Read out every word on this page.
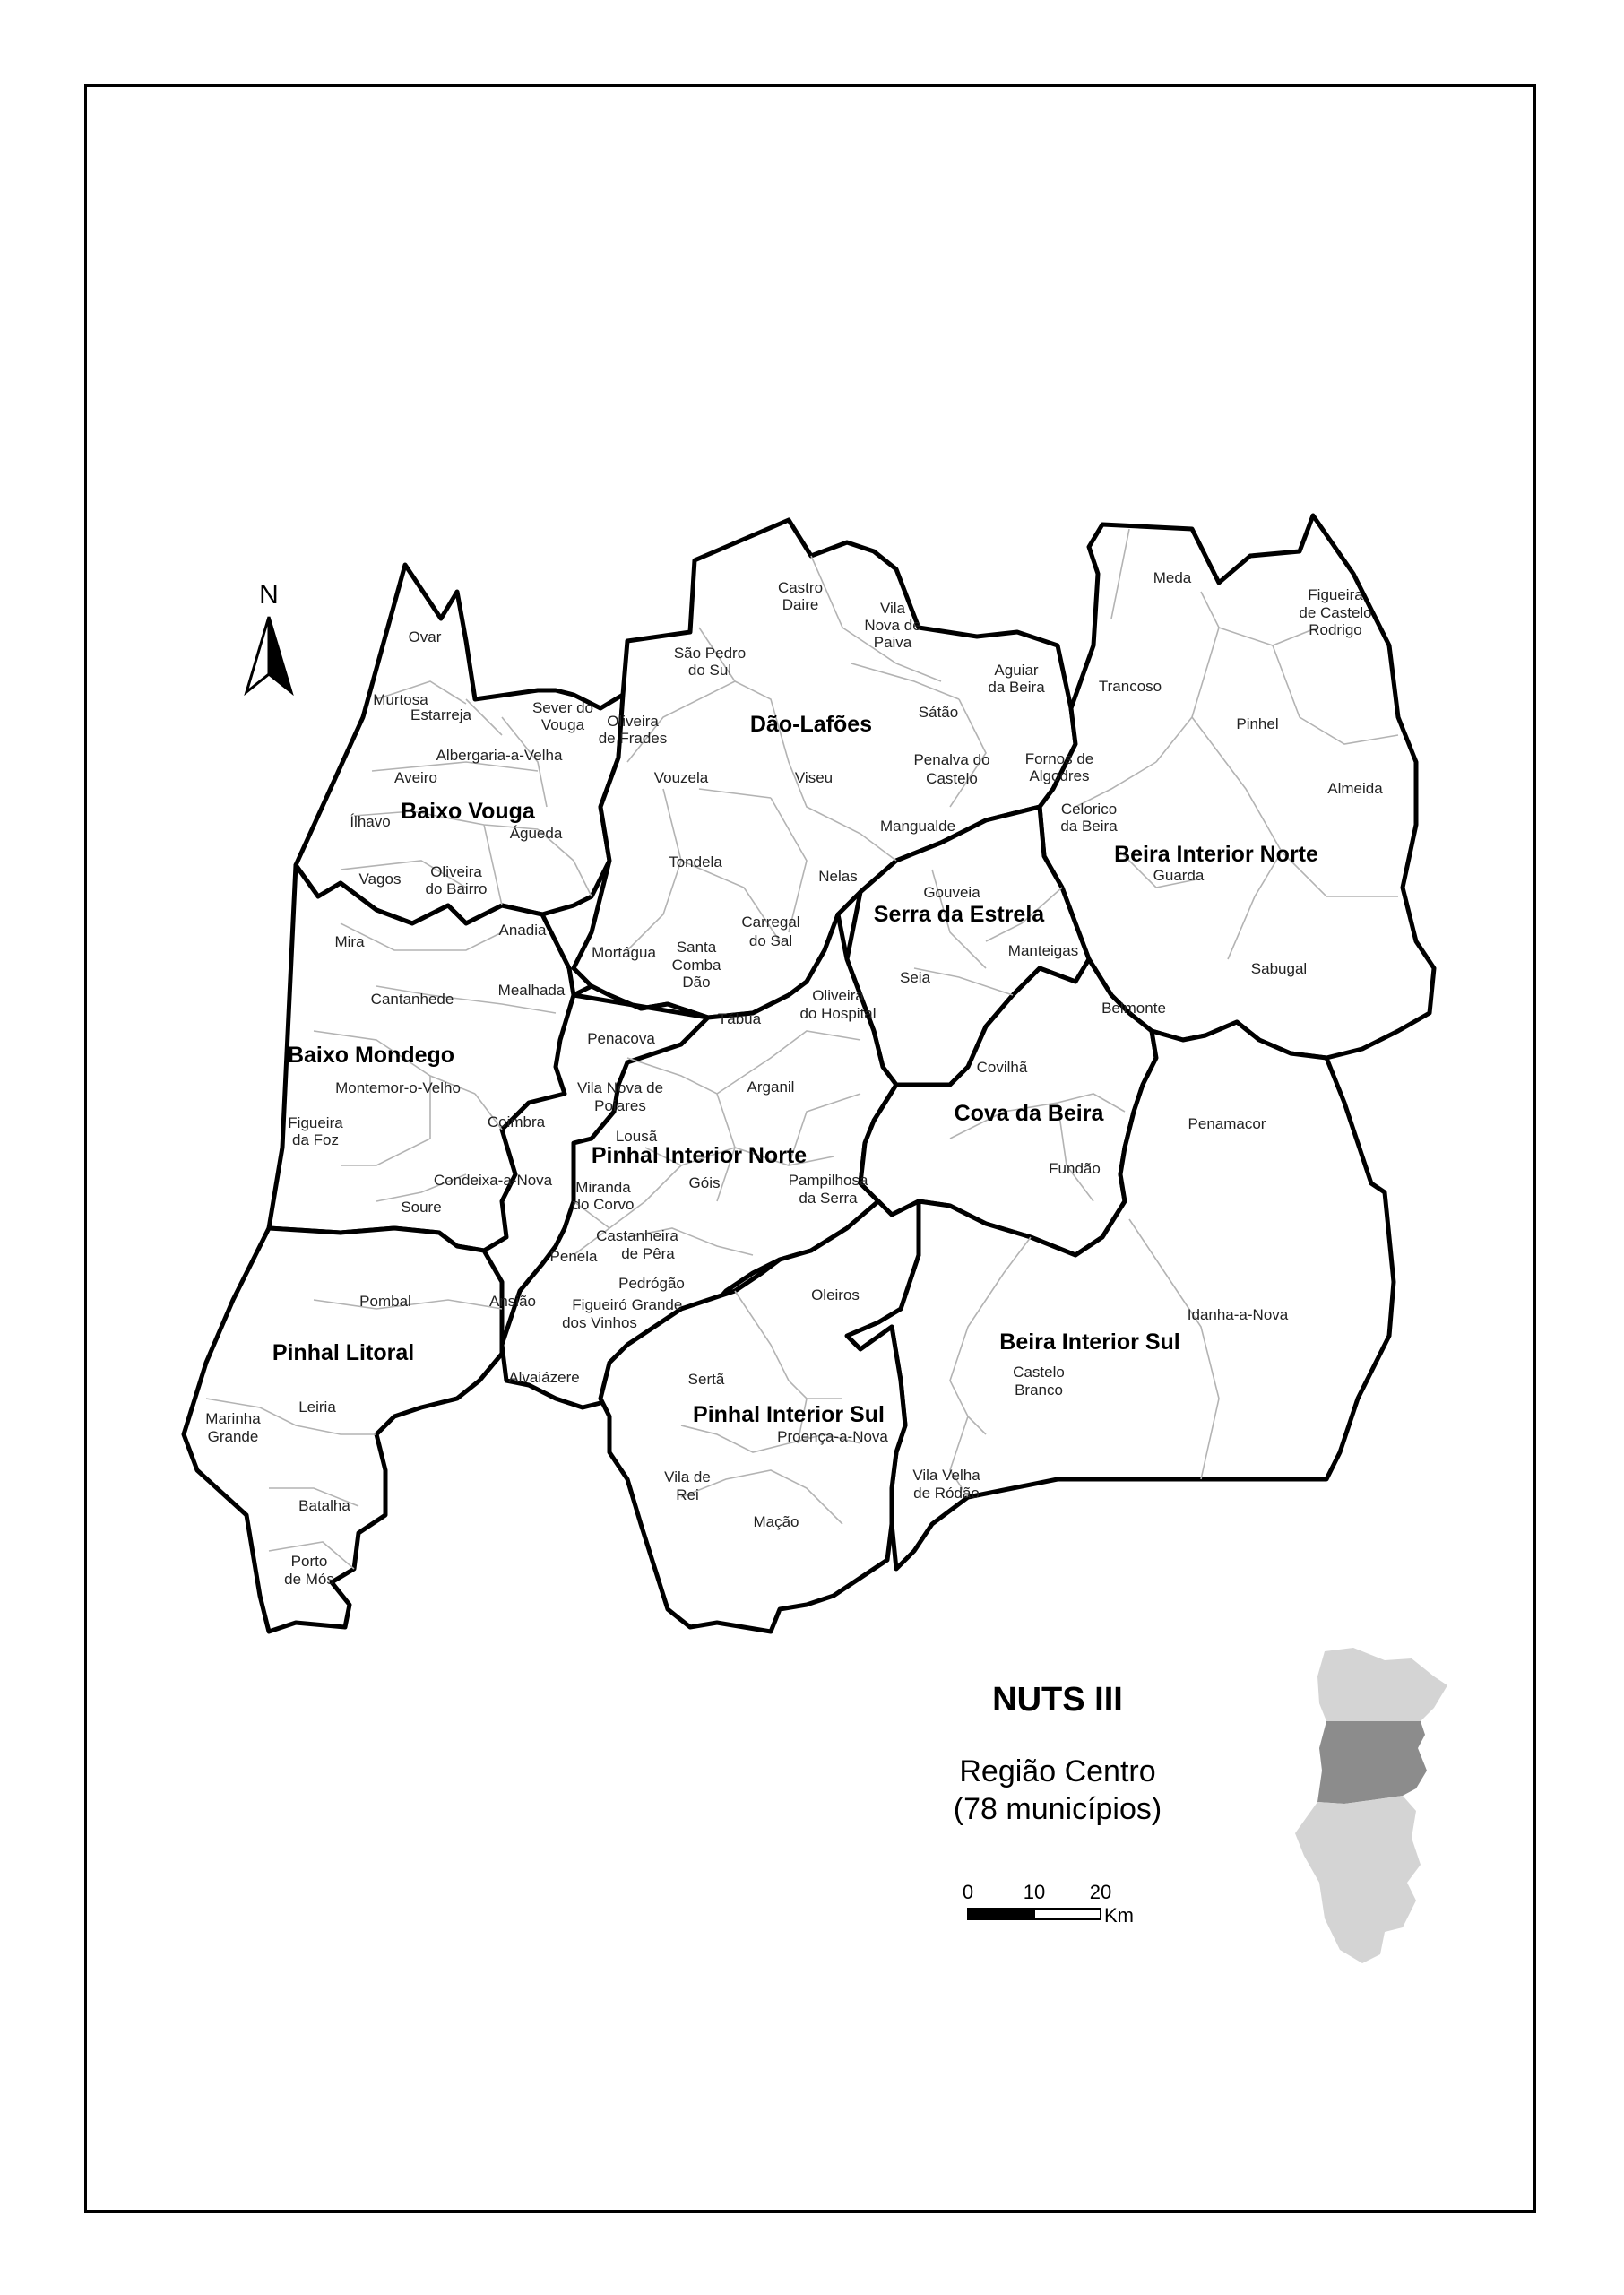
Ovar
Murtosa
Estarreja	Sever do
Vouga
Albergaria-a-Velha
Aveiro
Ílhavo
Águeda
Vagos Oliveira
do Bairro
Anadia
Mira
Cantanhede
Mealhada
Castro
Daire	Vila
Nova de
Paiva
São Pedro
do Sul	Aguiar
da Beira
Oliveira
de Frades
Sátão
Penalva do
Castelo
Vouzela	Viseu
Mangualde
Tondela
Nelas
Carregal
do Sal
Mortágua Santa
Comba
Dão
Meda
Figueira
de Castelo
Rodrigo
Trancoso
Pinhel
Fornos de
Algodres
Almeida
Celorico
da Beira
Guarda
Gouveia
Manteigas
Seia
Sabugal
Tábua
Oliveira
do Hospital
Arganil
Belmonte
Covilhã
Penacova
Montemor-o-Velho	Vila Nova de
Poiares
Coimbra
Figueira
da Foz	Lousã
Condeixa-a-Nova
Soure
Miranda
do Corvo
Góis	Pampilhosa
da Serra
Fundão
Penamacor
Penela
Castanheira
de Pêra
Pedrógão
Ansião Figueiró
dos Vinhos
Grande
Oleiros
Pombal
Idanha-a-Nova
Alvaiázere	Sertã	Castelo
Branco
Marinha
Grande
Leiria
Proença-a-Nova
Vila de
Rei
Vila Velha
de Ródão
Batalha
Mação
Porto
de Mós
Baixo Vouga
Dão-Lafões
Beira Interior Norte
Serra da Estrela
Baixo Mondego
Cova da Beira
Pinhal Interior Norte
Pinhal Litoral	Beira Interior Sul
Pinhal Interior Sul
N
0	10 20
Km
NUTS III
Região Centro
(78 municípios)
